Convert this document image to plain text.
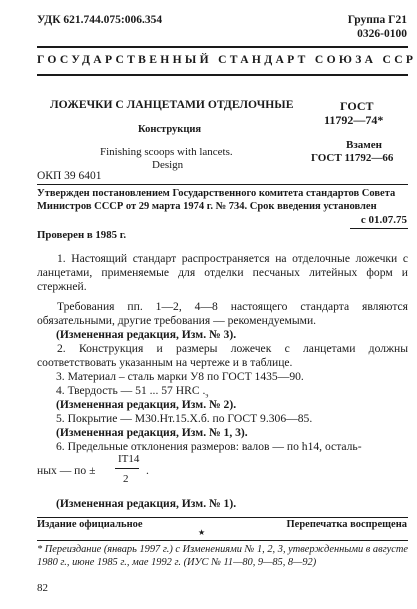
УДК 621.744.075:006.354	Группа Г21
0326-0100
ГОСУДАРСТВЕННЫЙ СТАНДАРТ СОЮЗА ССР
ЛОЖЕЧКИ С ЛАНЦЕТАМИ ОТДЕЛОЧНЫЕ
Конструкция
Finishing scoops with lancets.
Design
ГОСТ
11792—74*
Взамен
ГОСТ 11792—66
ОКП 39 6401
Утвержден постановлением Государственного комитета стандартов Совета
Министров СССР от 29 марта 1974 г. № 734. Срок введения установлен
с 01.07.75
Проверен в 1985 г.
1. Настоящий стандарт распространяется на отделочные ложечки с ланцетами, применяемые для отделки песчаных литейных форм и стержней.
Требования пп. 1—2, 4—8 настоящего стандарта являются обязательными, другие требования — рекомендуемыми.
(Измененная редакция, Изм. № 3).
2. Конструкция и размеры ложечек с ланцетами должны соответствовать указанным на чертеже и в таблице.
3. Материал – сталь марки У8 по ГОСТ 1435—90.
4. Твердость — 51 ... 57 HRC $._э$
(Измененная редакция, Изм. № 2).
5. Покрытие — М30.Нт.15.Х.б. по ГОСТ 9.306—85.
(Измененная редакция, Изм. № 1, 3).
6. Предельные отклонения размеров: валов — по h14, осталь-
ных — по ±
IT14
2
.
(Измененная редакция, Изм. № 1).
Издание официальное	Перепечатка воспрещена
★
* Переиздание (январь 1997 г.) с Изменениями № 1, 2, 3, утвержденными в августе 1980 г., июне 1985 г., мае 1992 г. (ИУС № 11—80, 9—85, 8—92)
82
